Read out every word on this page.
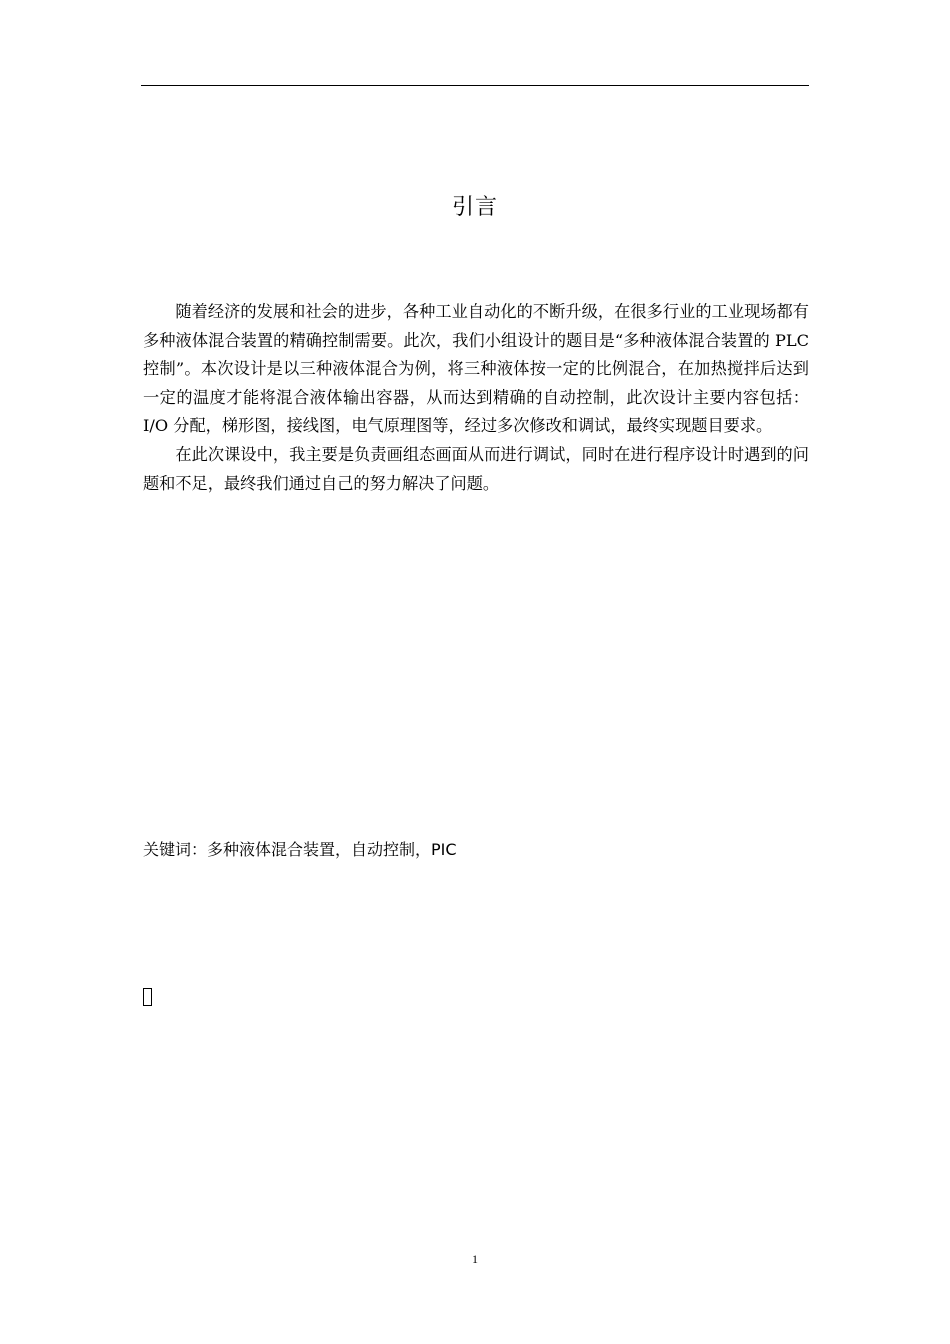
引言

随着经济的发展和社会的进步，各种工业自动化的不断升级，在很多行业的工业现场都有多种液体混合装置的精确控制需要。此次，我们小组设计的题目是“多种液体混合装置的 PLC 控制”。本次设计是以三种液体混合为例，将三种液体按一定的比例混合，在加热搅拌后达到一定的温度才能将混合液体输出容器，从而达到精确的自动控制，此次设计主要内容包括：I/O 分配，梯形图，接线图，电气原理图等，经过多次修改和调试，最终实现题目要求。

在此次课设中，我主要是负责画组态画面从而进行调试，同时在进行程序设计时遇到的问题和不足，最终我们通过自己的努力解决了问题。

关键词：多种液体混合装置，自动控制，PIC
1
